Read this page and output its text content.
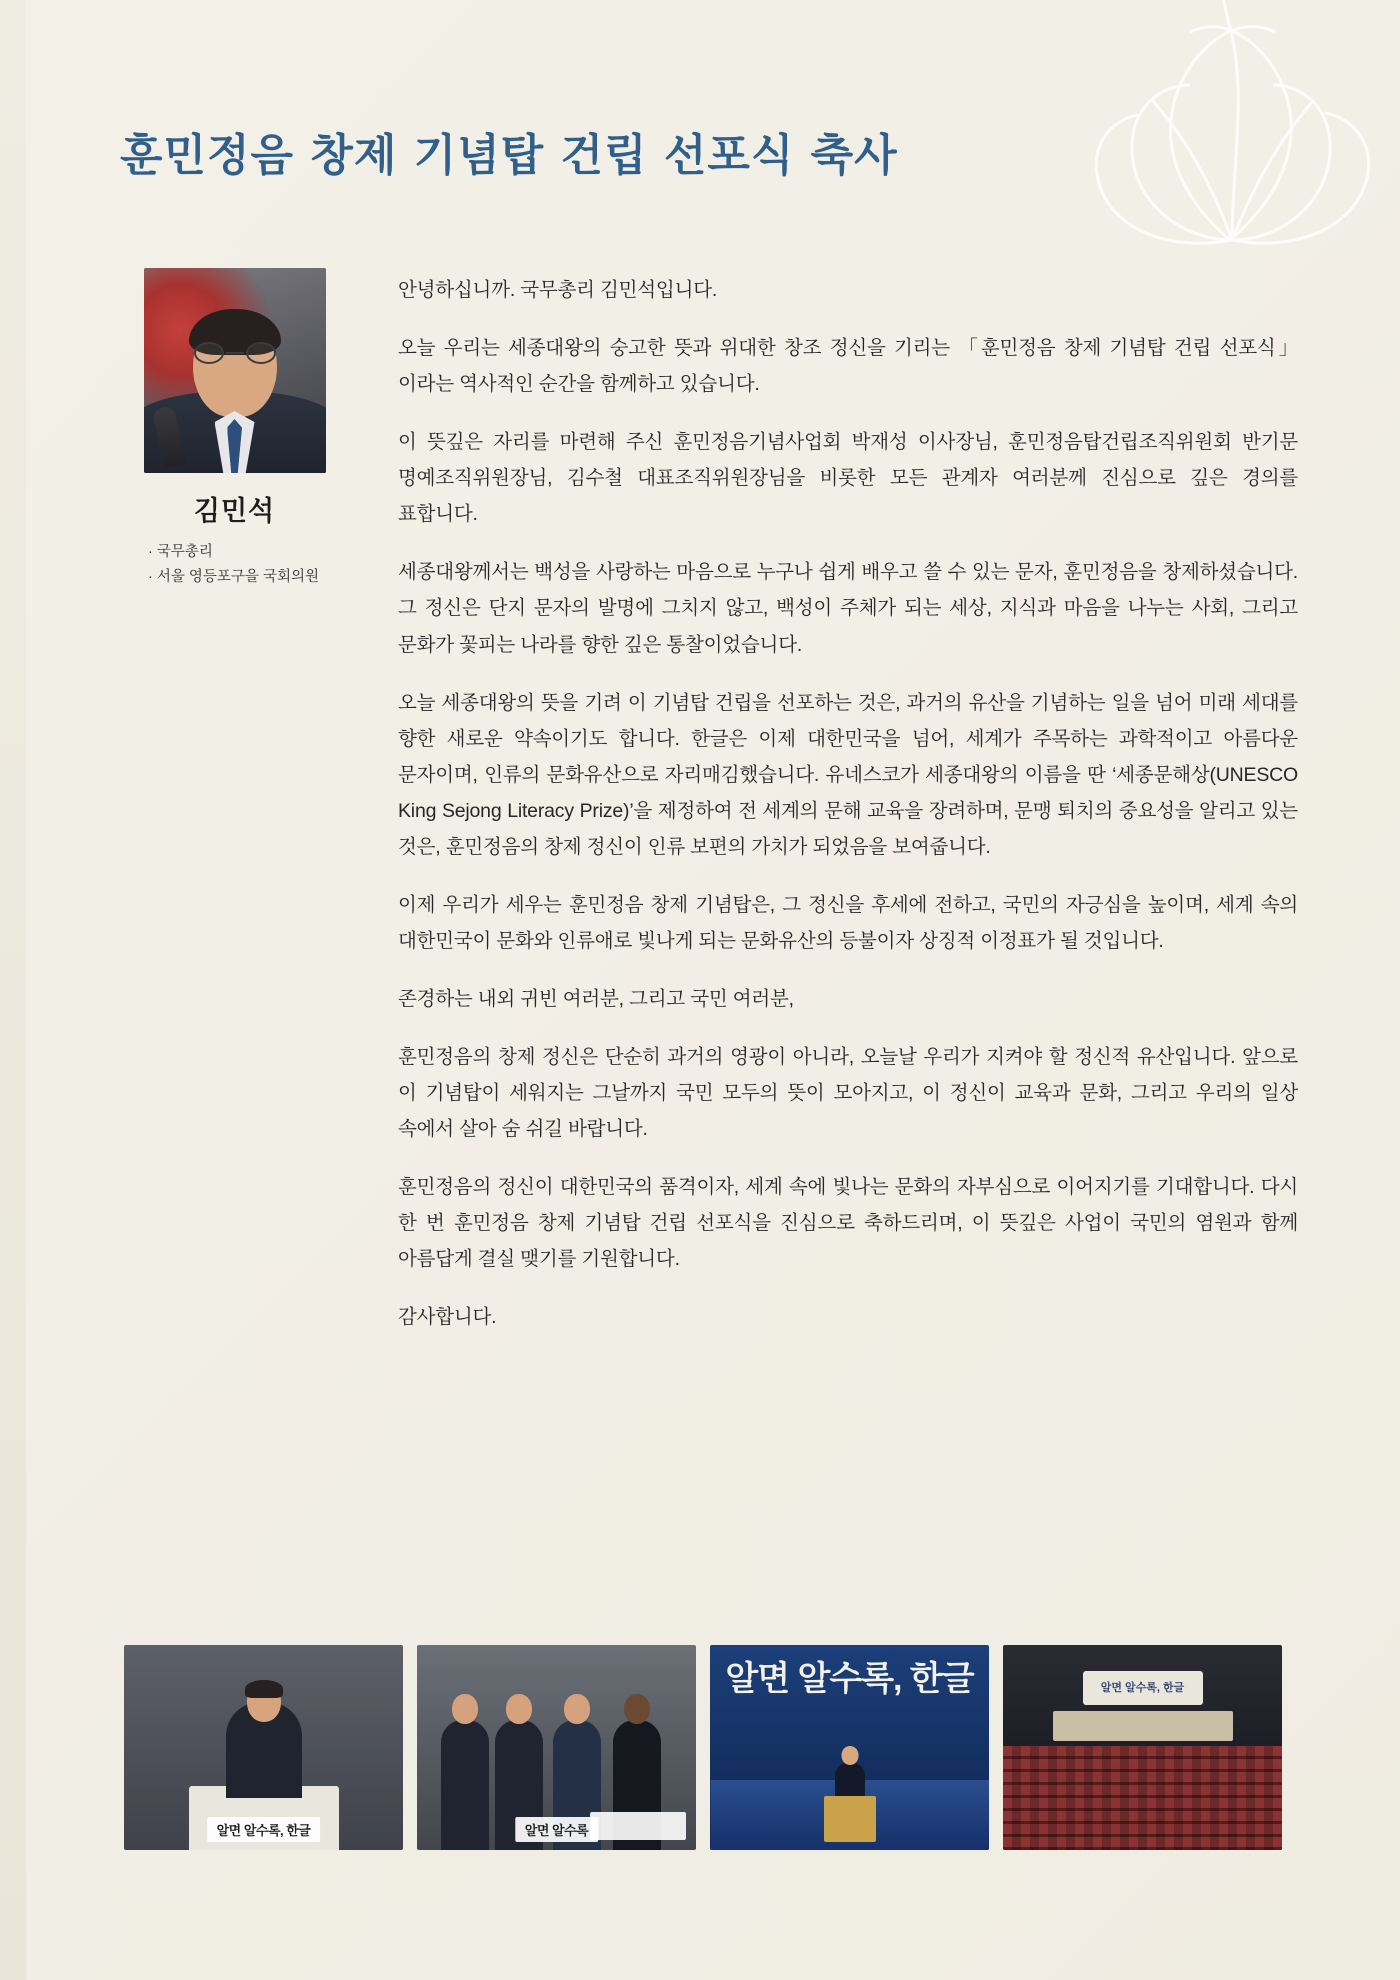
훈민정음 창제 기념탑 건립 선포식 축사
김민석
· 국무총리
· 서울 영등포구을 국회의원

안녕하십니까. 국무총리 김민석입니다.

오늘 우리는 세종대왕의 숭고한 뜻과 위대한 창조 정신을 기리는 「훈민정음 창제 기념탑 건립 선포식」이라는 역사적인 순간을 함께하고 있습니다.

이 뜻깊은 자리를 마련해 주신 훈민정음기념사업회 박재성 이사장님, 훈민정음탑건립조직위원회 반기문 명예조직위원장님, 김수철 대표조직위원장님을 비롯한 모든 관계자 여러분께 진심으로 깊은 경의를 표합니다.

세종대왕께서는 백성을 사랑하는 마음으로 누구나 쉽게 배우고 쓸 수 있는 문자, 훈민정음을 창제하셨습니다. 그 정신은 단지 문자의 발명에 그치지 않고, 백성이 주체가 되는 세상, 지식과 마음을 나누는 사회, 그리고 문화가 꽃피는 나라를 향한 깊은 통찰이었습니다.

오늘 세종대왕의 뜻을 기려 이 기념탑 건립을 선포하는 것은, 과거의 유산을 기념하는 일을 넘어 미래 세대를 향한 새로운 약속이기도 합니다. 한글은 이제 대한민국을 넘어, 세계가 주목하는 과학적이고 아름다운 문자이며, 인류의 문화유산으로 자리매김했습니다. 유네스코가 세종대왕의 이름을 딴 ‘세종문해상(UNESCO King Sejong Literacy Prize)’을 제정하여 전 세계의 문해 교육을 장려하며, 문맹 퇴치의 중요성을 알리고 있는 것은, 훈민정음의 창제 정신이 인류 보편의 가치가 되었음을 보여줍니다.

이제 우리가 세우는 훈민정음 창제 기념탑은, 그 정신을 후세에 전하고, 국민의 자긍심을 높이며, 세계 속의 대한민국이 문화와 인류애로 빛나게 되는 문화유산의 등불이자 상징적 이정표가 될 것입니다.

존경하는 내외 귀빈 여러분, 그리고 국민 여러분,

훈민정음의 창제 정신은 단순히 과거의 영광이 아니라, 오늘날 우리가 지켜야 할 정신적 유산입니다. 앞으로 이 기념탑이 세워지는 그날까지 국민 모두의 뜻이 모아지고, 이 정신이 교육과 문화, 그리고 우리의 일상 속에서 살아 숨 쉬길 바랍니다.

훈민정음의 정신이 대한민국의 품격이자, 세계 속에 빛나는 문화의 자부심으로 이어지기를 기대합니다. 다시 한 번 훈민정음 창제 기념탑 건립 선포식을 진심으로 축하드리며, 이 뜻깊은 사업이 국민의 염원과 함께 아름답게 결실 맺기를 기원합니다.

감사합니다.

알면 알수록, 한글	알면 알수록
알면 알수록, 한글	알면 알수록, 한글
